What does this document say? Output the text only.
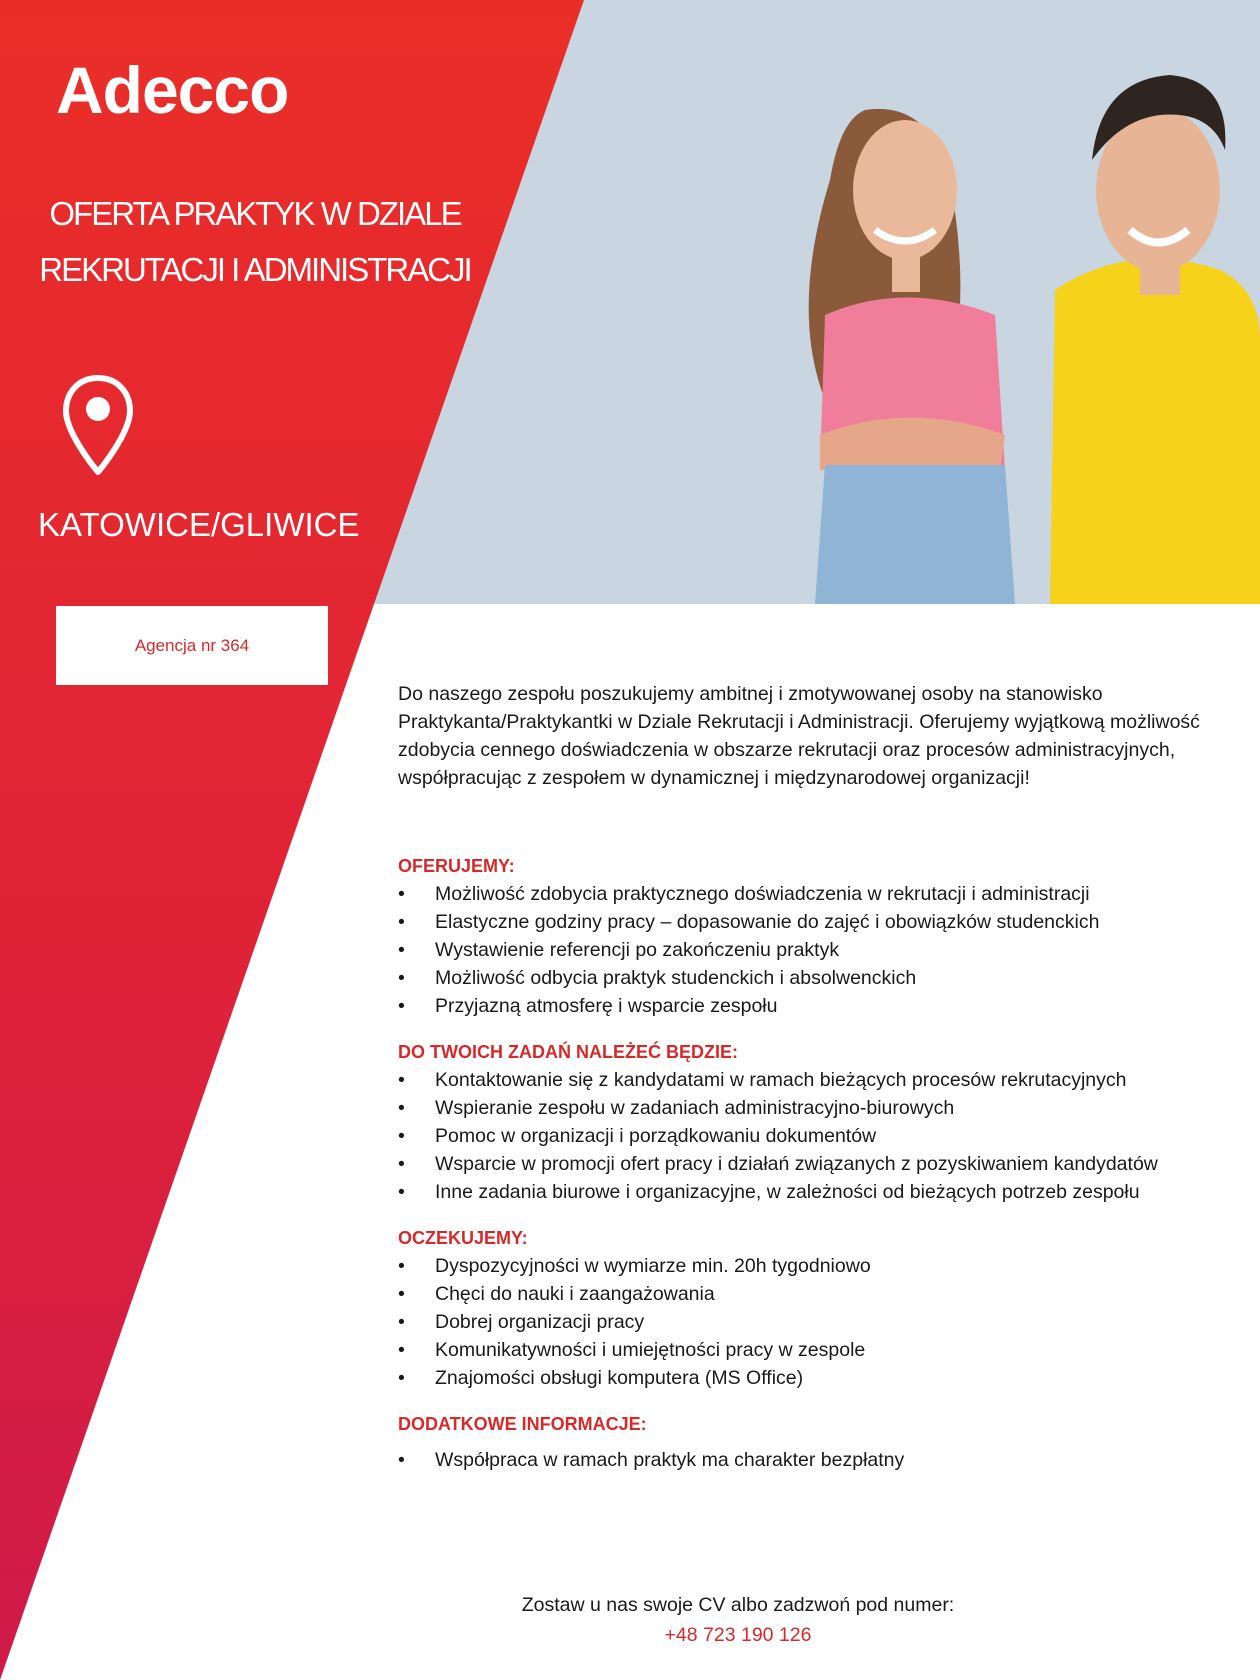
Adecco
OFERTA PRAKTYK W DZIALE
REKRUTACJI I ADMINISTRACJI
KATOWICE/GLIWICE
Agencja nr 364

Do naszego zespołu poszukujemy ambitnej i zmotywowanej osoby na stanowisko Praktykanta/Praktykantki w Dziale Rekrutacji i Administracji. Oferujemy wyjątkową możliwość zdobycia cennego doświadczenia w obszarze rekrutacji oraz procesów administracyjnych, współpracując z zespołem w dynamicznej i międzynarodowej organizacji!

OFERUJEMY:

• Możliwość zdobycia praktycznego doświadczenia w rekrutacji i administracji
• Elastyczne godziny pracy – dopasowanie do zajęć i obowiązków studenckich
• Wystawienie referencji po zakończeniu praktyk
• Możliwość odbycia praktyk studenckich i absolwenckich
• Przyjazną atmosferę i wsparcie zespołu

DO TWOICH ZADAŃ NALEŻEĆ BĘDZIE:

• Kontaktowanie się z kandydatami w ramach bieżących procesów rekrutacyjnych
• Wspieranie zespołu w zadaniach administracyjno-biurowych
• Pomoc w organizacji i porządkowaniu dokumentów
• Wsparcie w promocji ofert pracy i działań związanych z pozyskiwaniem kandydatów
• Inne zadania biurowe i organizacyjne, w zależności od bieżących potrzeb zespołu

OCZEKUJEMY:

• Dyspozycyjności w wymiarze min. 20h tygodniowo
• Chęci do nauki i zaangażowania
• Dobrej organizacji pracy
• Komunikatywności i umiejętności pracy w zespole
• Znajomości obsługi komputera (MS Office)

DODATKOWE INFORMACJE:

• Współpraca w ramach praktyk ma charakter bezpłatny
Zostaw u nas swoje CV albo zadzwoń pod numer:
+48 723 190 126
